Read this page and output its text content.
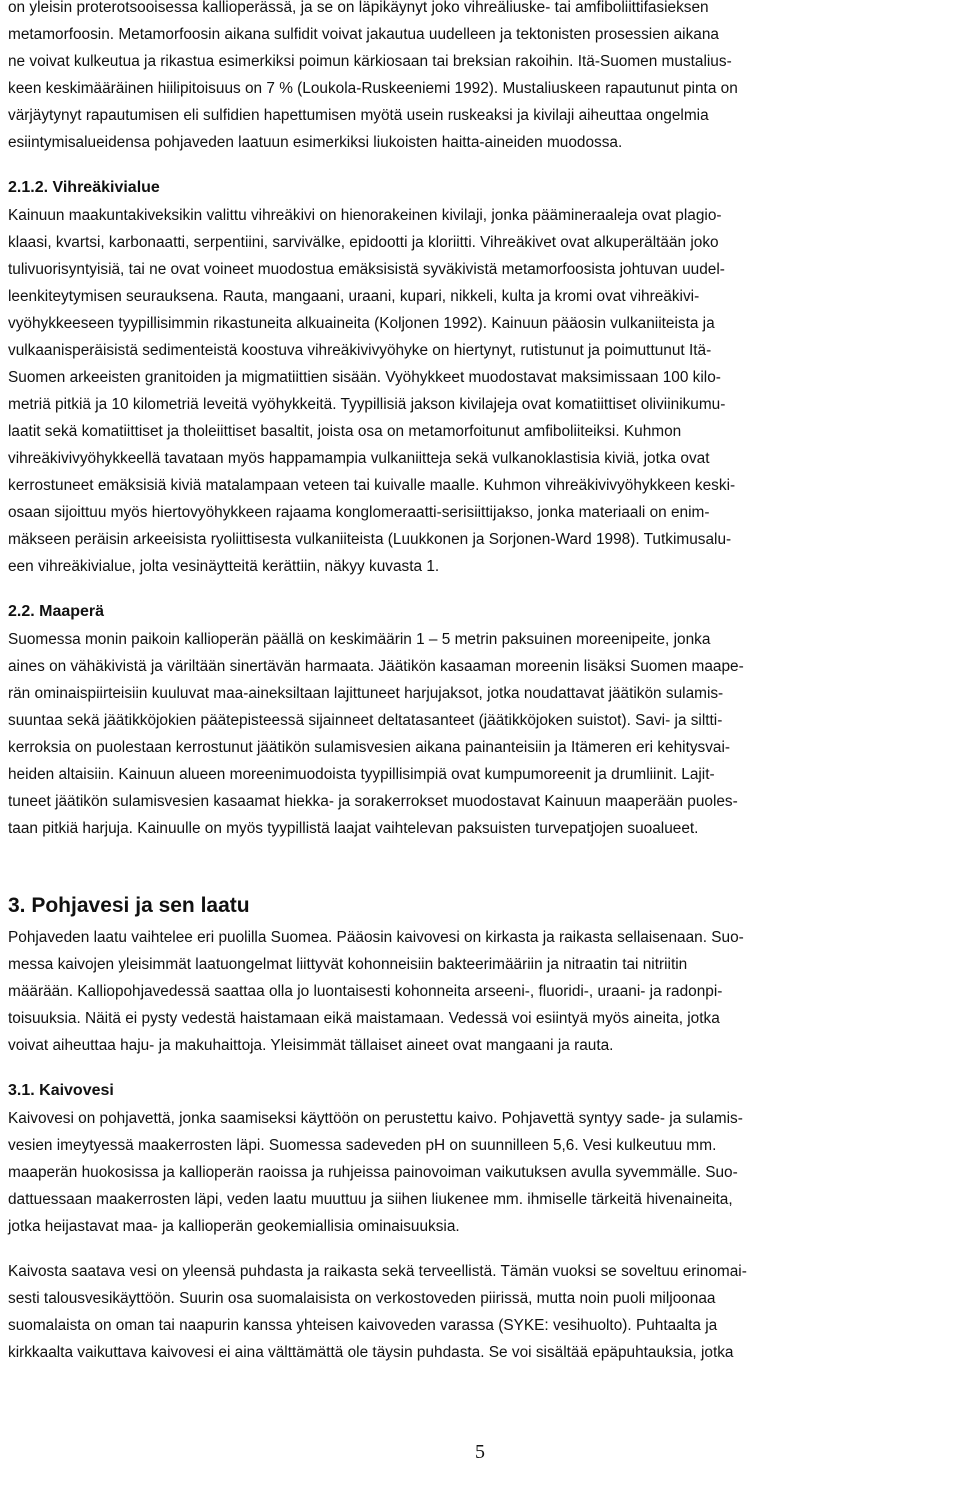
on yleisin proterotsooisessa kallioperässä, ja se on läpikäynyt joko vihreäliuske- tai amfiboliittifasieksen
metamorfoosin. Metamorfoosin aikana sulfidit voivat jakautua uudelleen ja tektonisten prosessien aikana
ne voivat kulkeutua ja rikastua esimerkiksi poimun kärkiosaan tai breksian rakoihin. Itä-Suomen mustalius-
keen keskimääräinen hiilipitoisuus on 7 % (Loukola-Ruskeeniemi 1992). Mustaliuskeen rapautunut pinta on
värjäytynyt rapautumisen eli sulfidien hapettumisen myötä usein ruskeaksi ja kivilaji aiheuttaa ongelmia
esiintymisalueidensa pohjaveden laatuun esimerkiksi liukoisten haitta-aineiden muodossa.
2.1.2. Vihreäkivialue
Kainuun maakuntakiveksikin valittu vihreäkivi on hienorakeinen kivilaji, jonka päämineraaleja ovat plagio-
klaasi, kvartsi, karbonaatti, serpentiini, sarvivälke, epidootti ja kloriitti. Vihreäkivet ovat alkuperältään joko
tulivuorisyntyisiä, tai ne ovat voineet muodostua emäksisistä syväkivistä metamorfoosista johtuvan uudel-
leenkiteytymisen seurauksena. Rauta, mangaani, uraani, kupari, nikkeli, kulta ja kromi ovat vihreäkivi-
vyöhykkeeseen tyypillisimmin rikastuneita alkuaineita (Koljonen 1992). Kainuun pääosin vulkaniiteista ja
vulkaanisperäisistä sedimenteistä koostuva vihreäkivivyöhyke on hiertynyt, rutistunut ja poimuttunut Itä-
Suomen arkeeisten granitoiden ja migmatiittien sisään. Vyöhykkeet muodostavat maksimissaan 100 kilo-
metriä pitkiä ja 10 kilometriä leveitä vyöhykkeitä. Tyypillisiä jakson kivilajeja ovat komatiittiset oliviinikumu-
laatit sekä komatiittiset ja tholeiittiset basaltit, joista osa on metamorfoitunut amfiboliiteiksi. Kuhmon
vihreäkivivyöhykkeellä tavataan myös happamampia vulkaniitteja sekä vulkanoklastisia kiviä, jotka ovat
kerrostuneet emäksisiä kiviä matalampaan veteen tai kuivalle maalle. Kuhmon vihreäkivivyöhykkeen keski-
osaan sijoittuu myös hiertovyöhykkeen rajaama konglomeraatti-serisiittijakso, jonka materiaali on enim-
mäkseen peräisin arkeeisista ryoliittisesta vulkaniiteista (Luukkonen ja Sorjonen-Ward 1998). Tutkimusalu-
een vihreäkivialue, jolta vesinäytteitä kerättiin, näkyy kuvasta 1.
2.2. Maaperä
Suomessa monin paikoin kallioperän päällä on keskimäärin 1 – 5 metrin paksuinen moreenipeite, jonka
aines on vähäkivistä ja väriltään sinertävän harmaata. Jäätikön kasaaman moreenin lisäksi Suomen maape-
rän ominaispiirteisiin kuuluvat maa-aineksiltaan lajittuneet harjujaksot, jotka noudattavat jäätikön sulamis-
suuntaa sekä jäätikköjokien päätepisteessä sijainneet deltatasanteet (jäätikköjoken suistot). Savi- ja siltti-
kerroksia on puolestaan kerrostunut jäätikön sulamisvesien aikana painanteisiin ja Itämeren eri kehitysvai-
heiden altaisiin. Kainuun alueen moreenimuodoista tyypillisimpiä ovat kumpumoreenit ja drumliinit. Lajit-
tuneet jäätikön sulamisvesien kasaamat hiekka- ja sorakerrokset muodostavat Kainuun maaperään puoles-
taan pitkiä harjuja. Kainuulle on myös tyypillistä laajat vaihtelevan paksuisten turvepatjojen suoalueet.
3. Pohjavesi ja sen laatu
Pohjaveden laatu vaihtelee eri puolilla Suomea. Pääosin kaivovesi on kirkasta ja raikasta sellaisenaan. Suo-
messa kaivojen yleisimmät laatuongelmat liittyvät kohonneisiin bakteerimääriin ja nitraatin tai nitriitin
määrään. Kalliopohjavedessä saattaa olla jo luontaisesti kohonneita arseeni-, fluoridi-, uraani- ja radonpi-
toisuuksia. Näitä ei pysty vedestä haistamaan eikä maistamaan. Vedessä voi esiintyä myös aineita, jotka
voivat aiheuttaa haju- ja makuhaittoja. Yleisimmät tällaiset aineet ovat mangaani ja rauta.
3.1. Kaivovesi
Kaivovesi on pohjavettä, jonka saamiseksi käyttöön on perustettu kaivo. Pohjavettä syntyy sade- ja sulamis-
vesien imeytyessä maakerrosten läpi. Suomessa sadeveden pH on suunnilleen 5,6. Vesi kulkeutuu mm.
maaperän huokosissa ja kallioperän raoissa ja ruhjeissa painovoiman vaikutuksen avulla syvemmälle. Suo-
dattuessaan maakerrosten läpi, veden laatu muuttuu ja siihen liukenee mm. ihmiselle tärkeitä hivenaineita,
jotka heijastavat maa- ja kallioperän geokemiallisia ominaisuuksia.
Kaivosta saatava vesi on yleensä puhdasta ja raikasta sekä terveellistä. Tämän vuoksi se soveltuu erinomai-
sesti talousvesikäyttöön. Suurin osa suomalaisista on verkostoveden piirissä, mutta noin puoli miljoonaa
suomalaista on oman tai naapurin kanssa yhteisen kaivoveden varassa (SYKE: vesihuolto). Puhtaalta ja
kirkkaalta vaikuttava kaivovesi ei aina välttämättä ole täysin puhdasta. Se voi sisältää epäpuhtauksia, jotka
5
